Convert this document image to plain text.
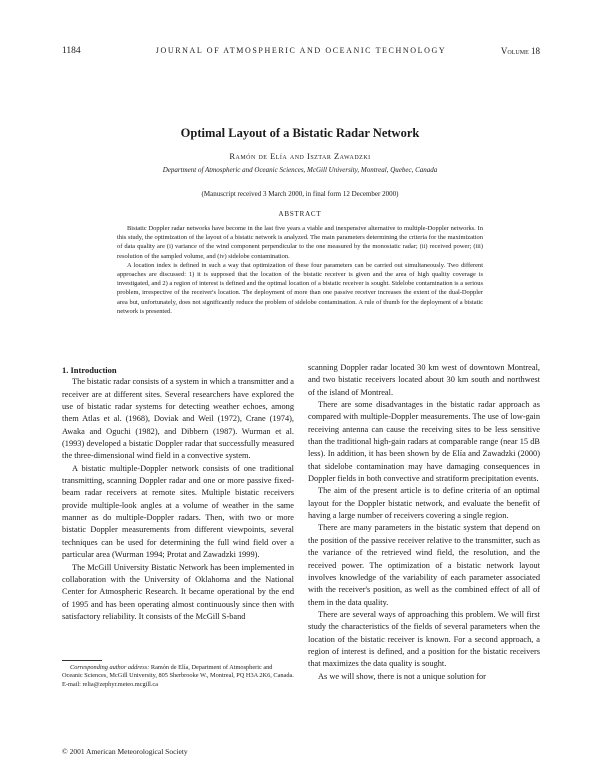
1184	JOURNAL OF ATMOSPHERIC AND OCEANIC TECHNOLOGY	Volume 18
Optimal Layout of a Bistatic Radar Network
Ramón de Elía and Isztar Zawadzki
Department of Atmospheric and Oceanic Sciences, McGill University, Montreal, Quebec, Canada
(Manuscript received 3 March 2000, in final form 12 December 2000)
ABSTRACT

Bistatic Doppler radar networks have become in the last five years a viable and inexpensive alternative to multiple-Doppler networks. In this study, the optimization of the layout of a bistatic network is analyzed. The main parameters determining the criteria for the maximization of data quality are (i) variance of the wind component perpendicular to the one measured by the monostatic radar; (ii) received power; (iii) resolution of the sampled volume, and (iv) sidelobe contamination.

A location index is defined in such a way that optimization of these four parameters can be carried out simultaneously. Two different approaches are discussed: 1) it is supposed that the location of the bistatic receiver is given and the area of high quality coverage is investigated, and 2) a region of interest is defined and the optimal location of a bistatic receiver is sought. Sidelobe contamination is a serious problem, irrespective of the receiver's location. The deployment of more than one passive receiver increases the extent of the dual-Doppler area but, unfortunately, does not significantly reduce the problem of sidelobe contamination. A rule of thumb for the deployment of a bistatic network is presented.

1. Introduction

The bistatic radar consists of a system in which a transmitter and a receiver are at different sites. Several researchers have explored the use of bistatic radar systems for detecting weather echoes, among them Atlas et al. (1968), Doviak and Weil (1972), Crane (1974), Awaka and Oguchi (1982), and Dibbern (1987). Wurman et al. (1993) developed a bistatic Doppler radar that successfully measured the three-dimensional wind field in a convective system.

A bistatic multiple-Doppler network consists of one traditional transmitting, scanning Doppler radar and one or more passive fixed-beam radar receivers at remote sites. Multiple bistatic receivers provide multiple-look angles at a volume of weather in the same manner as do multiple-Doppler radars. Then, with two or more bistatic Doppler measurements from different viewpoints, several techniques can be used for determining the full wind field over a particular area (Wurman 1994; Protat and Zawadzki 1999).

The McGill University Bistatic Network has been implemented in collaboration with the University of Oklahoma and the National Center for Atmospheric Research. It became operational by the end of 1995 and has been operating almost continuously since then with satisfactory reliability. It consists of the McGill S-band

scanning Doppler radar located 30 km west of downtown Montreal, and two bistatic receivers located about 30 km south and northwest of the island of Montreal.

There are some disadvantages in the bistatic radar approach as compared with multiple-Doppler measurements. The use of low-gain receiving antenna can cause the receiving sites to be less sensitive than the traditional high-gain radars at comparable range (near 15 dB less). In addition, it has been shown by de Elía and Zawadzki (2000) that sidelobe contamination may have damaging consequences in Doppler fields in both convective and stratiform precipitation events.

The aim of the present article is to define criteria of an optimal layout for the Doppler bistatic network, and evaluate the benefit of having a large number of receivers covering a single region.

There are many parameters in the bistatic system that depend on the position of the passive receiver relative to the transmitter, such as the variance of the retrieved wind field, the resolution, and the received power. The optimization of a bistatic network layout involves knowledge of the variability of each parameter associated with the receiver's position, as well as the combined effect of all of them in the data quality.

There are several ways of approaching this problem. We will first study the characteristics of the fields of several parameters when the location of the bistatic receiver is known. For a second approach, a region of interest is defined, and a position for the bistatic receivers that maximizes the data quality is sought.

As we will show, there is not a unique solution for

Corresponding author address: Ramón de Elía, Department of Atmospheric and Oceanic Sciences, McGill University, 805 Sherbrooke W., Montreal, PQ H3A 2K6, Canada.

E-mail: relia@zephyr.meteo.mcgill.ca

© 2001 American Meteorological Society
